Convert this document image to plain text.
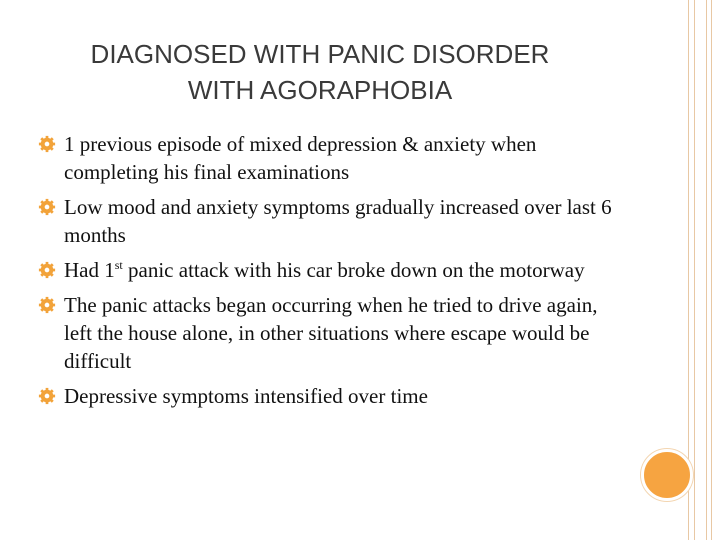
DIAGNOSED WITH PANIC DISORDER
WITH AGORAPHOBIA
1 previous episode of mixed depression & anxiety when completing his final examinations
Low mood and anxiety symptoms gradually increased over last 6 months
Had 1st panic attack with his car broke down on the motorway
The panic attacks began occurring when he tried to drive again, left the house alone, in other situations where escape would be difficult
Depressive symptoms intensified over time
